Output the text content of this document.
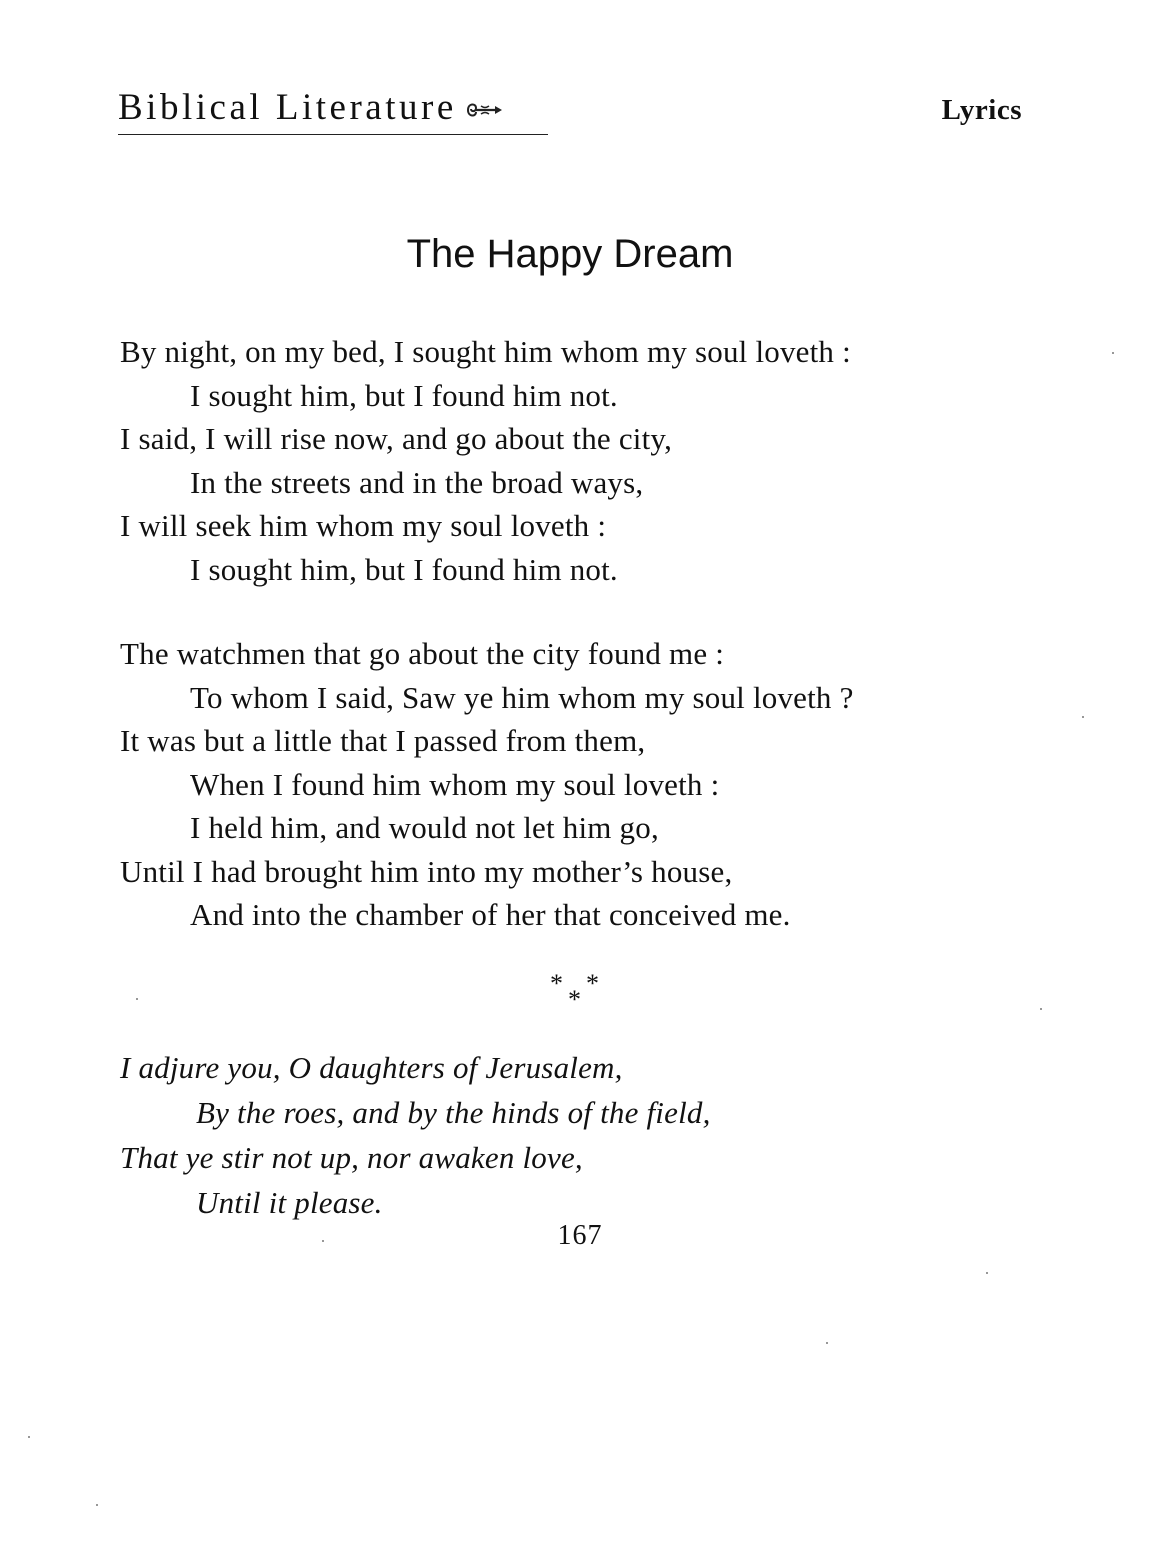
Biblical Literature	Lyrics
The Happy Dream
By night, on my bed, I sought him whom my soul loveth :
I sought him, but I found him not.
I said, I will rise now, and go about the city,
In the streets and in the broad ways,
I will seek him whom my soul loveth :
I sought him, but I found him not.
The watchmen that go about the city found me :
To whom I said, Saw ye him whom my soul loveth ?
It was but a little that I passed from them,
When I found him whom my soul loveth :
I held him, and would not let him go,
Until I had brought him into my mother’s house,
And into the chamber of her that conceived me.
* *
*
I adjure you, O daughters of Jerusalem,
By the roes, and by the hinds of the field,
That ye stir not up, nor awaken love,
Until it please.
167
